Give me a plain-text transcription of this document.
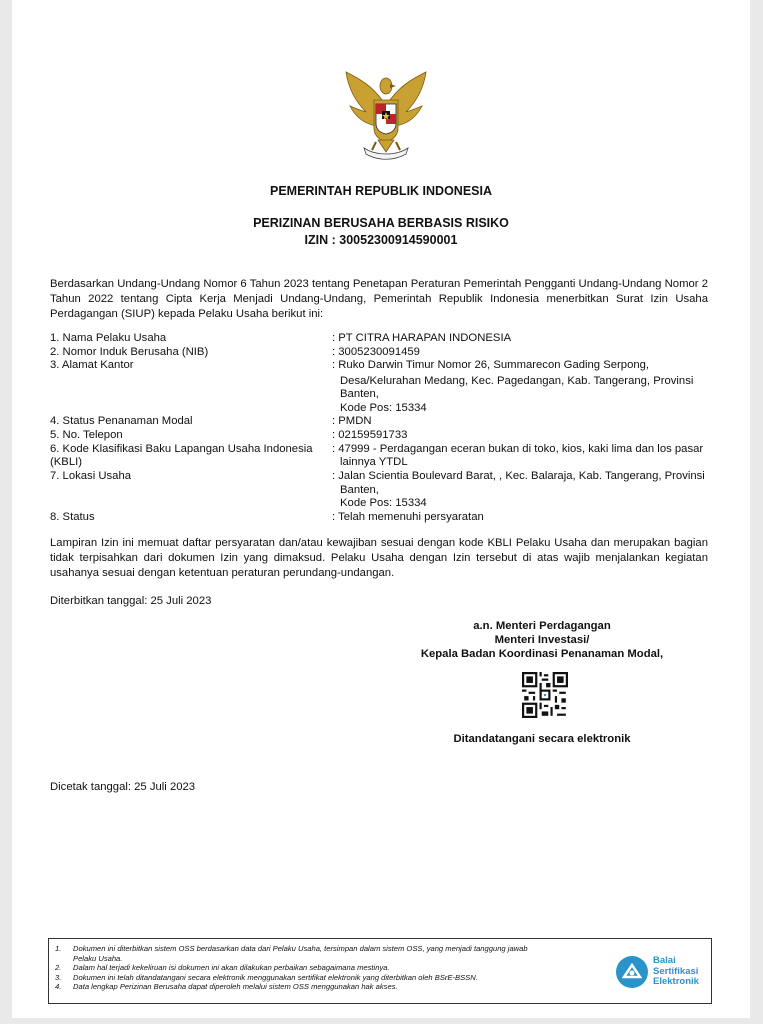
PEMERINTAH REPUBLIK INDONESIA
PERIZINAN BERUSAHA BERBASIS RISIKO
IZIN : 30052300914590001
Berdasarkan Undang-Undang Nomor 6 Tahun 2023 tentang Penetapan Peraturan Pemerintah Pengganti Undang-Undang Nomor 2 Tahun 2022 tentang Cipta Kerja Menjadi Undang-Undang, Pemerintah Republik Indonesia menerbitkan Surat Izin Usaha Perdagangan (SIUP) kepada Pelaku Usaha berikut ini:
1. Nama Pelaku Usaha	: PT CITRA HARAPAN INDONESIA
2. Nomor Induk Berusaha (NIB)	: 3005230091459
3. Alamat Kantor	: Ruko Darwin Timur Nomor 26, Summarecon Gading Serpong,
Desa/Kelurahan Medang, Kec. Pagedangan, Kab. Tangerang, Provinsi
Banten,
Kode Pos: 15334
4. Status Penanaman Modal	: PMDN
5. No. Telepon	: 02159591733
6. Kode Klasifikasi Baku Lapangan Usaha Indonesia	: 47999 - Perdagangan eceran bukan di toko, kios, kaki lima dan los pasar
(KBLI)	lainnya YTDL
7. Lokasi Usaha	: Jalan Scientia Boulevard Barat, , Kec. Balaraja, Kab. Tangerang, Provinsi
Banten,
Kode Pos: 15334
8. Status	: Telah memenuhi persyaratan
Lampiran Izin ini memuat daftar persyaratan dan/atau kewajiban sesuai dengan kode KBLI Pelaku Usaha dan merupakan bagian tidak terpisahkan dari dokumen Izin yang dimaksud. Pelaku Usaha dengan Izin tersebut di atas wajib menjalankan kegiatan usahanya sesuai dengan ketentuan peraturan perundang-undangan.
Diterbitkan tanggal: 25 Juli 2023
a.n. Menteri Perdagangan
Menteri Investasi/
Kepala Badan Koordinasi Penanaman Modal,
Ditandatangani secara elektronik
Dicetak tanggal: 25 Juli 2023
1. Dokumen ini diterbitkan sistem OSS berdasarkan data dari Pelaku Usaha, tersimpan dalam sistem OSS, yang menjadi tanggung jawab Pelaku Usaha.
2. Dalam hal terjadi kekeliruan isi dokumen ini akan dilakukan perbaikan sebagaimana mestinya.
3. Dokumen ini telah ditandatangani secara elektronik menggunakan sertifikat elektronik yang diterbitkan oleh BSrE-BSSN.
4. Data lengkap Perizinan Berusaha dapat diperoleh melalui sistem OSS menggunakan hak akses.
Balai
Sertifikasi
Elektronik
